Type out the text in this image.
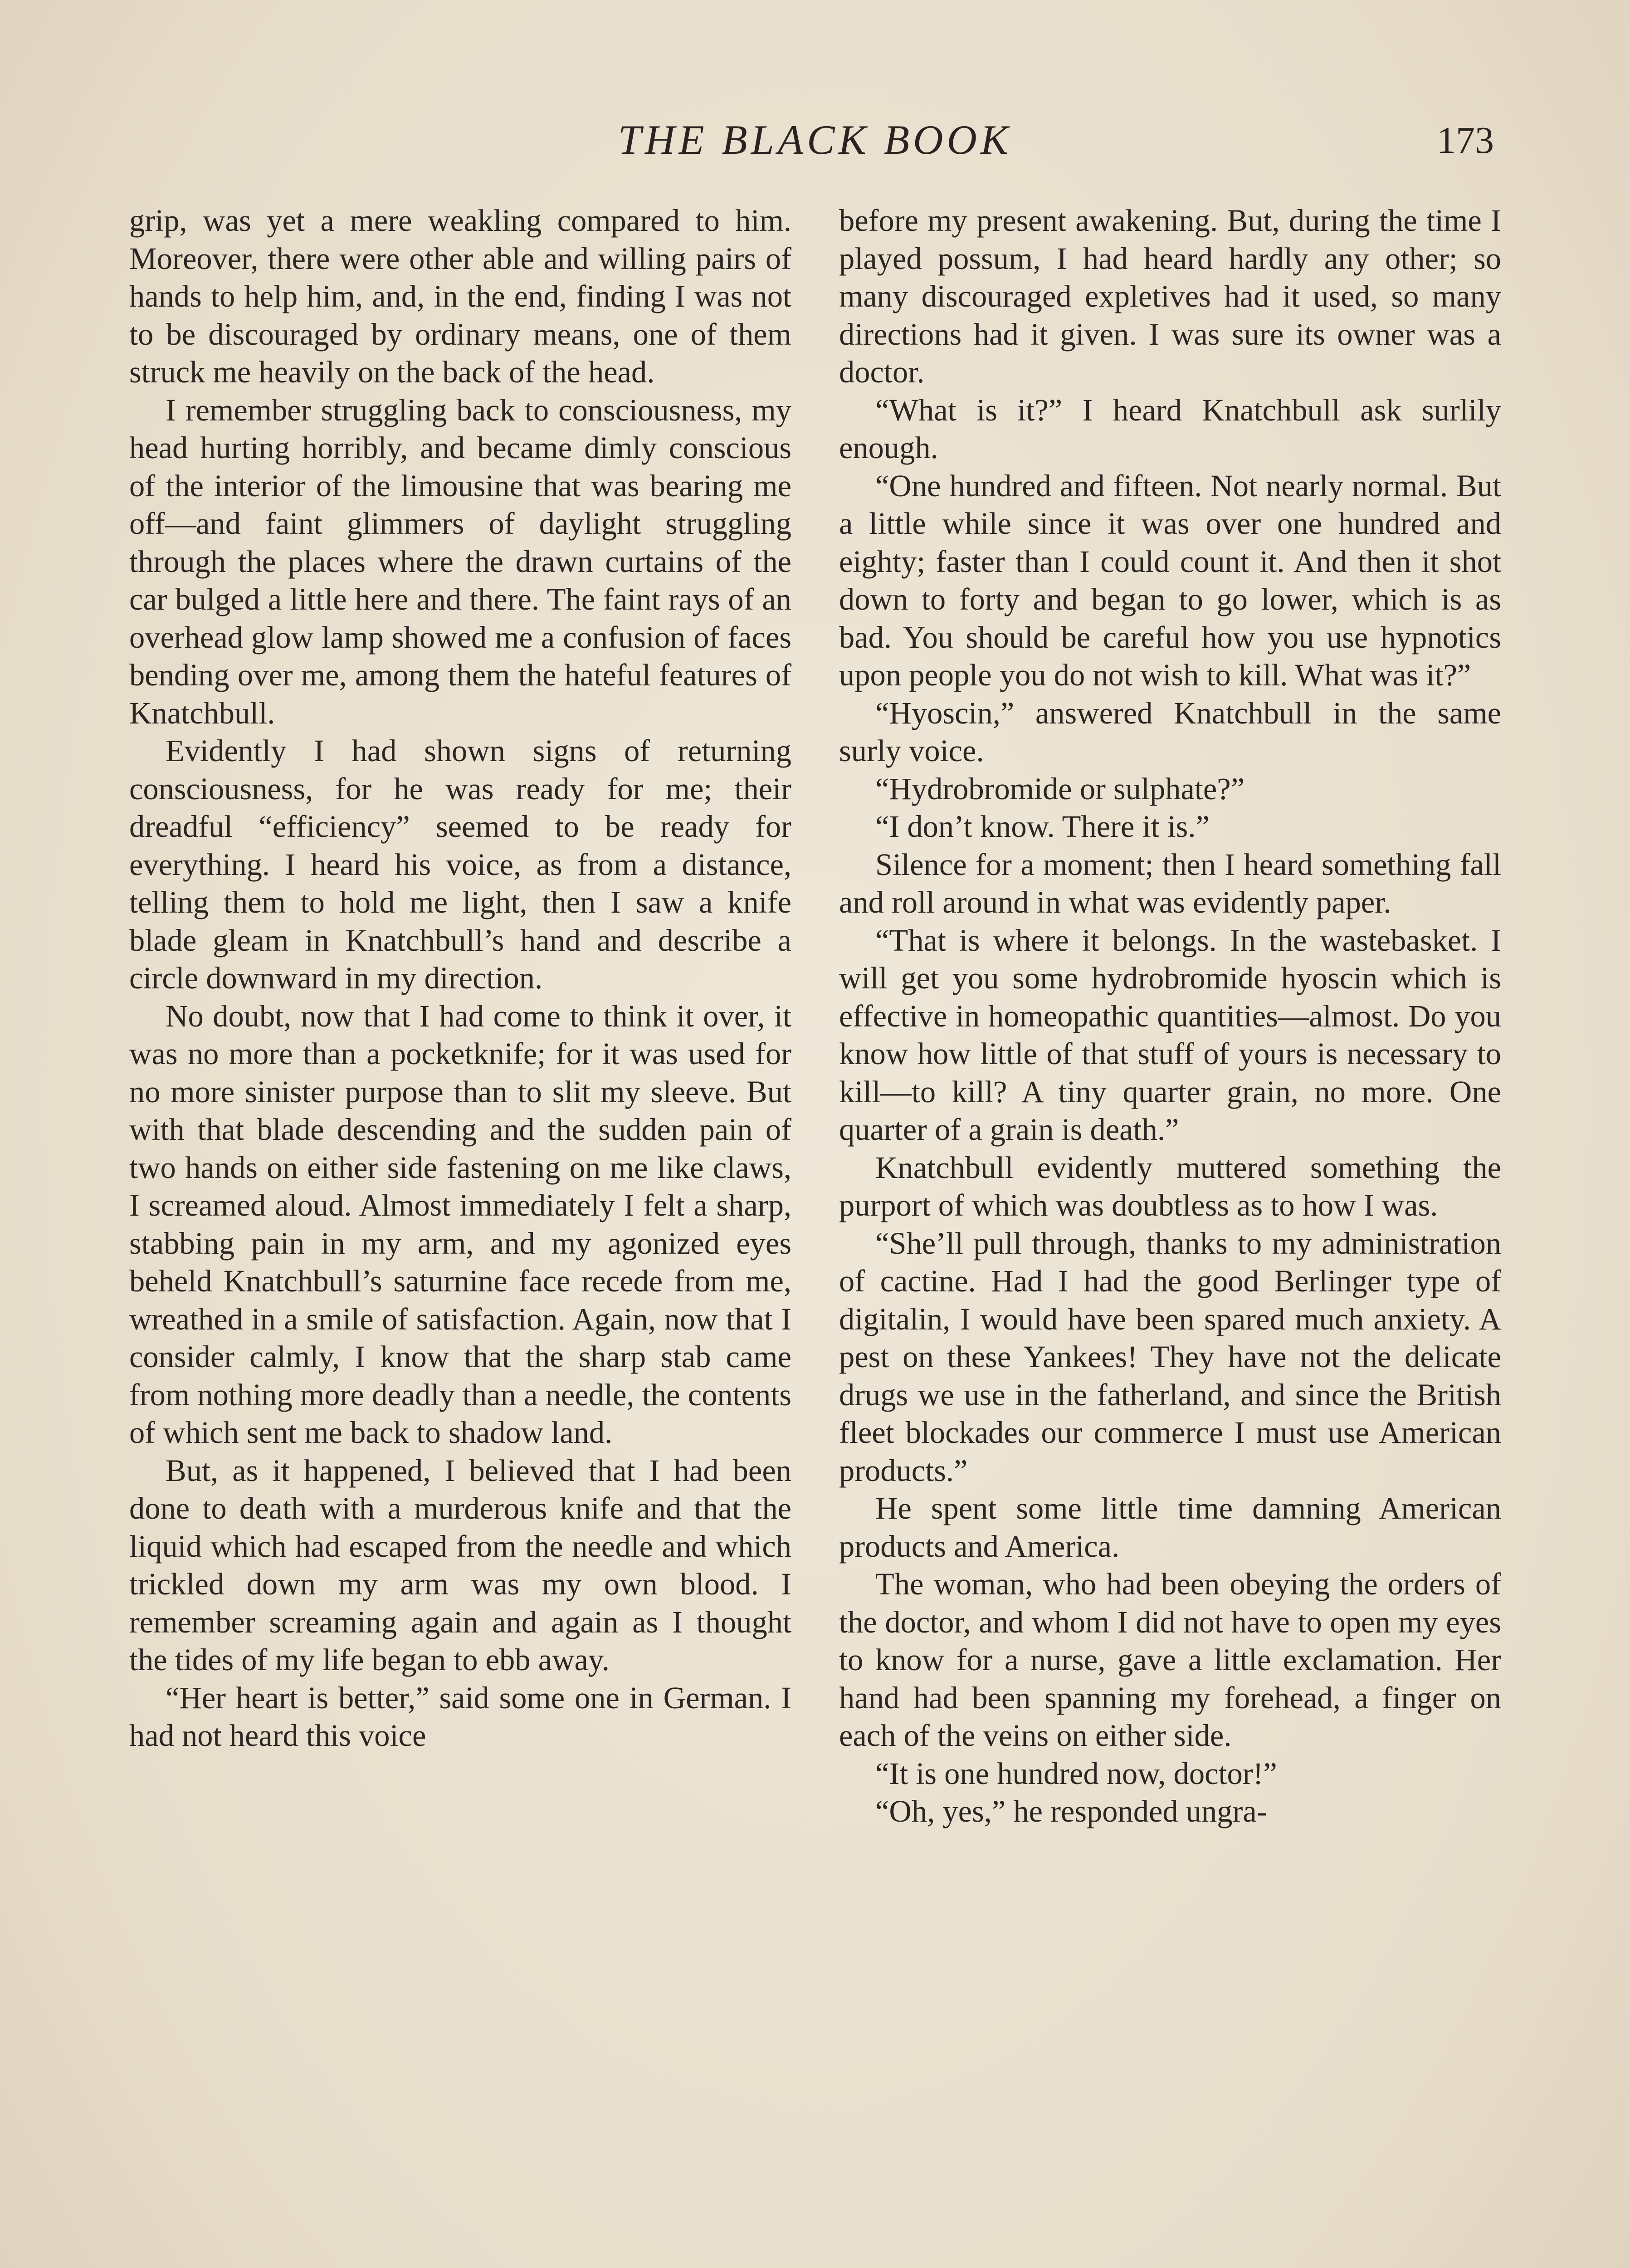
THE BLACK BOOK	173

grip, was yet a mere weakling compared to him. Moreover, there were other able and willing pairs of hands to help him, and, in the end, finding I was not to be discouraged by ordinary means, one of them struck me heavily on the back of the head.

I remember struggling back to consciousness, my head hurting horribly, and became dimly conscious of the interior of the limousine that was bearing me off—and faint glimmers of daylight struggling through the places where the drawn curtains of the car bulged a little here and there. The faint rays of an overhead glow lamp showed me a confusion of faces bending over me, among them the hateful features of Knatchbull.

Evidently I had shown signs of returning consciousness, for he was ready for me; their dreadful “efficiency” seemed to be ready for everything. I heard his voice, as from a distance, telling them to hold me light, then I saw a knife blade gleam in Knatchbull’s hand and describe a circle downward in my direction.

No doubt, now that I had come to think it over, it was no more than a pocketknife; for it was used for no more sinister purpose than to slit my sleeve. But with that blade descending and the sudden pain of two hands on either side fastening on me like claws, I screamed aloud. Almost immediately I felt a sharp, stabbing pain in my arm, and my agonized eyes beheld Knatchbull’s saturnine face recede from me, wreathed in a smile of satisfaction. Again, now that I consider calmly, I know that the sharp stab came from nothing more deadly than a needle, the contents of which sent me back to shadow land.

But, as it happened, I believed that I had been done to death with a murderous knife and that the liquid which had escaped from the needle and which trickled down my arm was my own blood. I remember screaming again and again as I thought the tides of my life began to ebb away.

“Her heart is better,” said some one in German. I had not heard this voice

before my present awakening. But, during the time I played possum, I had heard hardly any other; so many discouraged expletives had it used, so many directions had it given. I was sure its owner was a doctor.

“What is it?” I heard Knatchbull ask surlily enough.

“One hundred and fifteen. Not nearly normal. But a little while since it was over one hundred and eighty; faster than I could count it. And then it shot down to forty and began to go lower, which is as bad. You should be careful how you use hypnotics upon people you do not wish to kill. What was it?”

“Hyoscin,” answered Knatchbull in the same surly voice.

“Hydrobromide or sulphate?”

“I don’t know. There it is.”

Silence for a moment; then I heard something fall and roll around in what was evidently paper.

“That is where it belongs. In the wastebasket. I will get you some hydrobromide hyoscin which is effective in homeopathic quantities—almost. Do you know how little of that stuff of yours is necessary to kill—to kill? A tiny quarter grain, no more. One quarter of a grain is death.”

Knatchbull evidently muttered something the purport of which was doubtless as to how I was.

“She’ll pull through, thanks to my administration of cactine. Had I had the good Berlinger type of digitalin, I would have been spared much anxiety. A pest on these Yankees! They have not the delicate drugs we use in the fatherland, and since the British fleet blockades our commerce I must use American products.”

He spent some little time damning American products and America.

The woman, who had been obeying the orders of the doctor, and whom I did not have to open my eyes to know for a nurse, gave a little exclamation. Her hand had been spanning my forehead, a finger on each of the veins on either side.

“It is one hundred now, doctor!”

“Oh, yes,” he responded ungra-
